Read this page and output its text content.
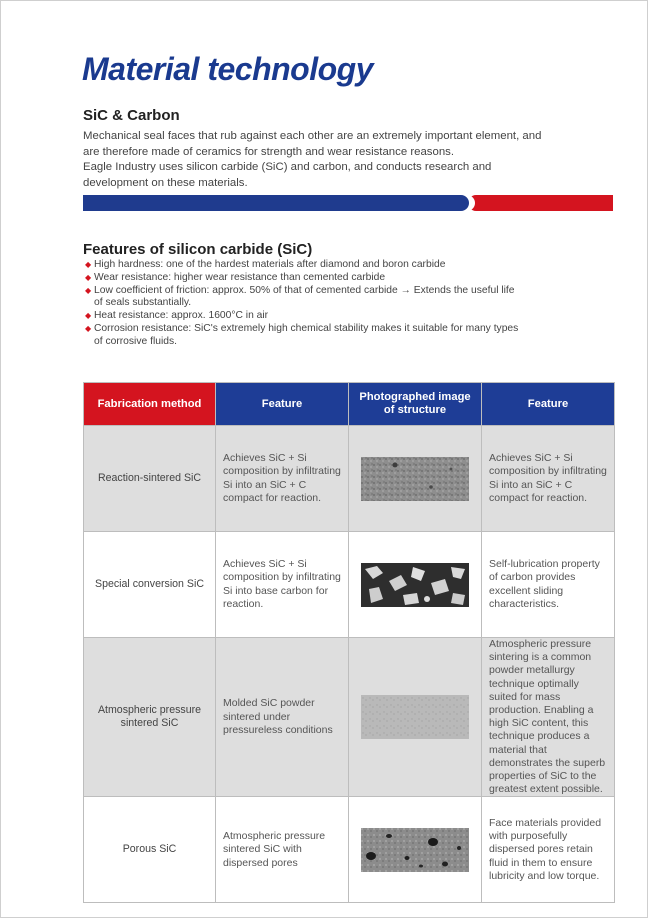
Material technology
SiC & Carbon

Mechanical seal faces that rub against each other are an extremely important element, and are therefore made of ceramics for strength and wear resistance reasons.

Eagle Industry uses silicon carbide (SiC) and carbon, and conducts research and development on these materials.

Features of silicon carbide (SiC)
◆ High hardness: one of the hardest materials after diamond and boron carbide
◆ Wear resistance: higher wear resistance than cemented carbide
◆ Low coefficient of friction: approx. 50% of that of cemented carbide → Extends the useful life of seals substantially.
◆ Heat resistance: approx. 1600°C in air
◆ Corrosion resistance: SiC's extremely high chemical stability makes it suitable for many types of corrosive fluids.
Fabrication method	Feature	Photographed image of structure	Feature
Reaction-sintered SiC	Achieves SiC + Si composition by infiltrating Si into an SiC + C compact for reaction.		Achieves SiC + Si composition by infiltrating Si into an SiC + C compact for reaction.
Special conversion SiC	Achieves SiC + Si composition by infiltrating Si into base carbon for reaction.		Self-lubrication property of carbon provides excellent sliding characteristics.
Atmospheric pressure sintered SiC	Molded SiC powder sintered under pressureless conditions		Atmospheric pressure sintering is a common powder metallurgy technique optimally suited for mass production. Enabling a high SiC content, this technique produces a material that demonstrates the superb properties of SiC to the greatest extent possible.
Porous SiC	Atmospheric pressure sintered SiC with dispersed pores		Face materials provided with purposefully dispersed pores retain fluid in them to ensure lubricity and low torque.
